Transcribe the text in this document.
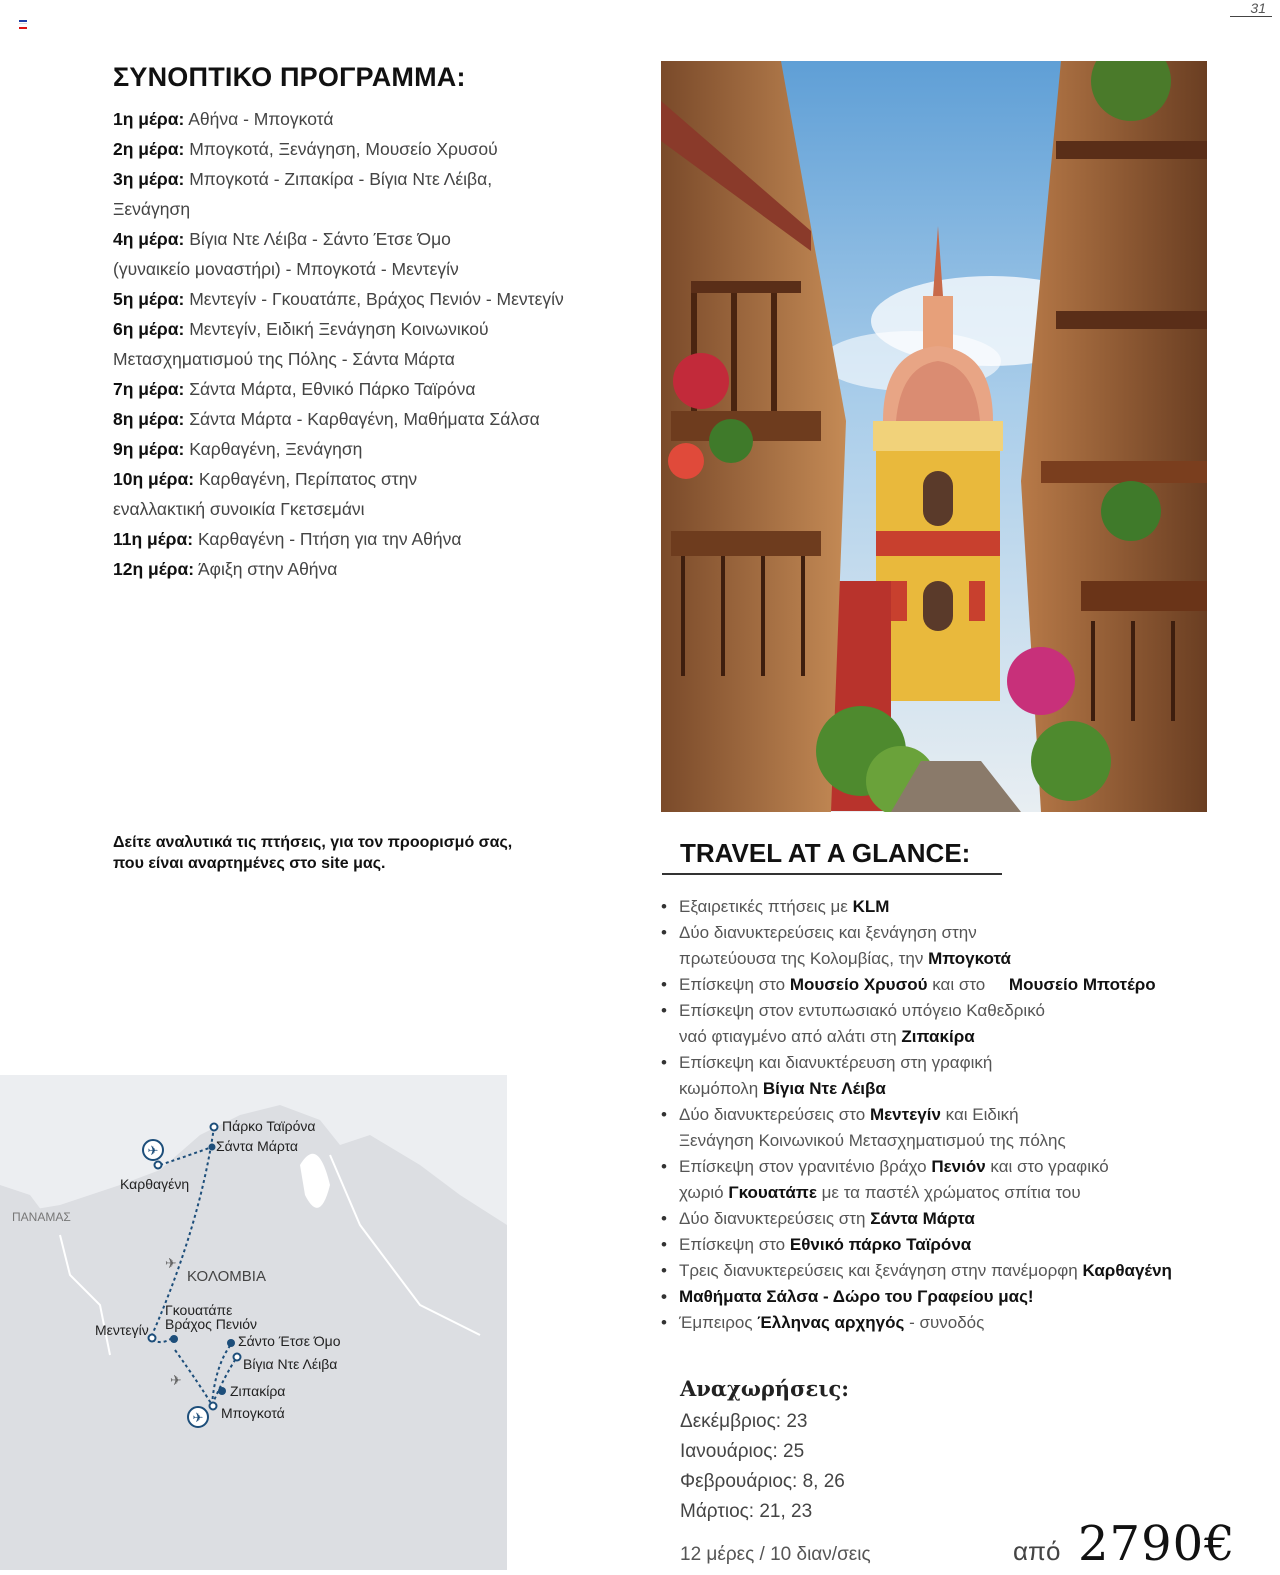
31
ΣΥΝΟΠΤΙΚΟ ΠΡΟΓΡΑΜΜΑ:
1η μέρα: Αθήνα - Μπογκοτά
2η μέρα: Μπογκοτά, Ξενάγηση, Μουσείο Χρυσού
3η μέρα: Μπογκοτά - Ζιπακίρα - Βίγια Ντε Λέιβα,
Ξενάγηση
4η μέρα: Βίγια Ντε Λέιβα - Σάντο Έτσε Όμο
(γυναικείο μοναστήρι) - Μπογκοτά - Μεντεγίν
5η μέρα: Μεντεγίν - Γκουατάπε, Βράχος Πενιόν - Μεντεγίν
6η μέρα: Μεντεγίν, Ειδική Ξενάγηση Κοινωνικού
Μετασχηματισμού της Πόλης - Σάντα Μάρτα
7η μέρα: Σάντα Μάρτα, Εθνικό Πάρκο Ταϊρόνα
8η μέρα: Σάντα Μάρτα - Καρθαγένη, Μαθήματα Σάλσα
9η μέρα: Καρθαγένη, Ξενάγηση
10η μέρα: Καρθαγένη, Περίπατος στην
εναλλακτική συνοικία Γκετσεμάνι
11η μέρα: Καρθαγένη - Πτήση για την Αθήνα
12η μέρα: Άφιξη στην Αθήνα

Δείτε αναλυτικά τις πτήσεις, για τον προορισμό σας,
που είναι αναρτημένες στο site μας.	TRAVEL AT A GLANCE:
• Εξαιρετικές πτήσεις με KLM
• Δύο διανυκτερεύσεις και ξενάγηση στην
πρωτεύουσα της Κολομβίας, την Μπογκοτά
• Επίσκεψη στο Μουσείο Χρυσού και στο     Μουσείο Μποτέρο
• Επίσκεψη στον εντυπωσιακό υπόγειο Καθεδρικό
ναό φτιαγμένο από αλάτι στη Ζιπακίρα
• Επίσκεψη και διανυκτέρευση στη γραφική
κωμόπολη Βίγια Ντε Λέιβα
• Δύο διανυκτερεύσεις στο Μεντεγίν και Ειδική
Ξενάγηση Κοινωνικού Μετασχηματισμού της πόλης
• Επίσκεψη στον γρανιτένιο βράχο Πενιόν και στο γραφικό
χωριό Γκουατάπε με τα παστέλ χρώματος σπίτια του
• Δύο διανυκτερεύσεις στη Σάντα Μάρτα
• Επίσκεψη στο Εθνικό πάρκο Ταϊρόνα
• Τρεις διανυκτερεύσεις και ξενάγηση στην πανέμορφη Καρθαγένη
• Μαθήματα Σάλσα - Δώρο του Γραφείου μας!
• Έμπειρος Έλληνας αρχηγός - συνοδός
Αναχωρήσεις:
Δεκέμβριος: 23
Ιανουάριος: 25
Φεβρουάριος: 8, 26
Μάρτιος: 21, 23
12 μέρες / 10 διαν/σεις	από 2790€
✈
✈
✈
✈
Πάρκο Ταϊρόνα
Σάντα Μάρτα
Καρθαγένη
ΠΑΝΑΜΑΣ
ΚΟΛΟΜΒΙΑ
Γκουατάπε
Βράχος Πενιόν
Μεντεγίν
Σάντο Έτσε Όμο
Βίγια Ντε Λέιβα
Ζιπακίρα
Μπογκοτά
